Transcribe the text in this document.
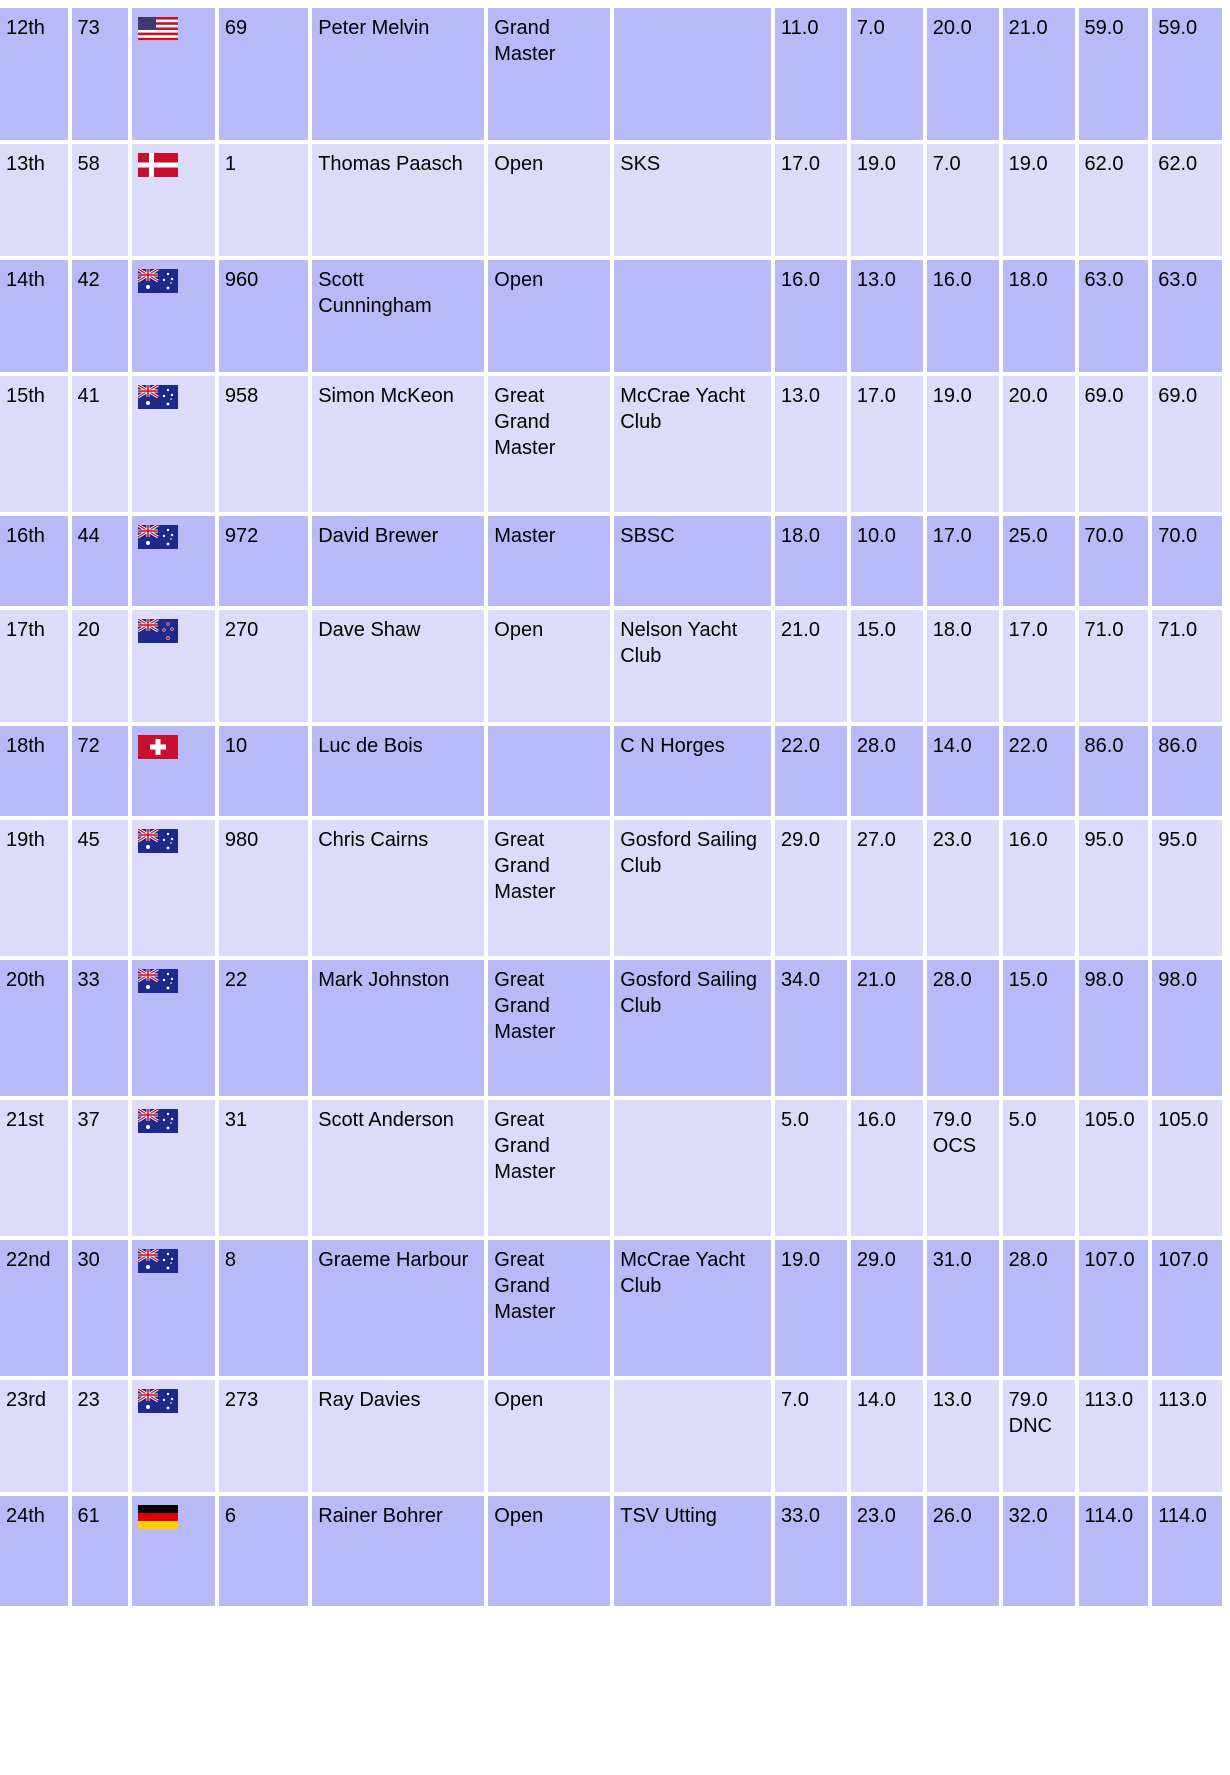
12th	73		69	Peter Melvin	Grand Master		11.0	7.0	20.0	21.0	59.0	59.0
13th	58		1	Thomas Paasch	Open	SKS	17.0	19.0	7.0	19.0	62.0	62.0
14th	42		960	Scott Cunningham	Open		16.0	13.0	16.0	18.0	63.0	63.0
15th	41		958	Simon McKeon	Great Grand Master	McCrae Yacht Club	13.0	17.0	19.0	20.0	69.0	69.0
16th	44		972	David Brewer	Master	SBSC	18.0	10.0	17.0	25.0	70.0	70.0
17th	20		270	Dave Shaw	Open	Nelson Yacht Club	21.0	15.0	18.0	17.0	71.0	71.0
18th	72		10	Luc de Bois		C N Horges	22.0	28.0	14.0	22.0	86.0	86.0
19th	45		980	Chris Cairns	Great Grand Master	Gosford Sailing Club	29.0	27.0	23.0	16.0	95.0	95.0
20th	33		22	Mark Johnston	Great Grand Master	Gosford Sailing Club	34.0	21.0	28.0	15.0	98.0	98.0
21st	37		31	Scott Anderson	Great Grand Master		5.0	16.0	79.0 OCS	5.0	105.0	105.0
22nd	30		8	Graeme Harbour	Great Grand Master	McCrae Yacht Club	19.0	29.0	31.0	28.0	107.0	107.0
23rd	23		273	Ray Davies	Open		7.0	14.0	13.0	79.0 DNC	113.0	113.0
24th	61		6	Rainer Bohrer	Open	TSV Utting	33.0	23.0	26.0	32.0	114.0	114.0
